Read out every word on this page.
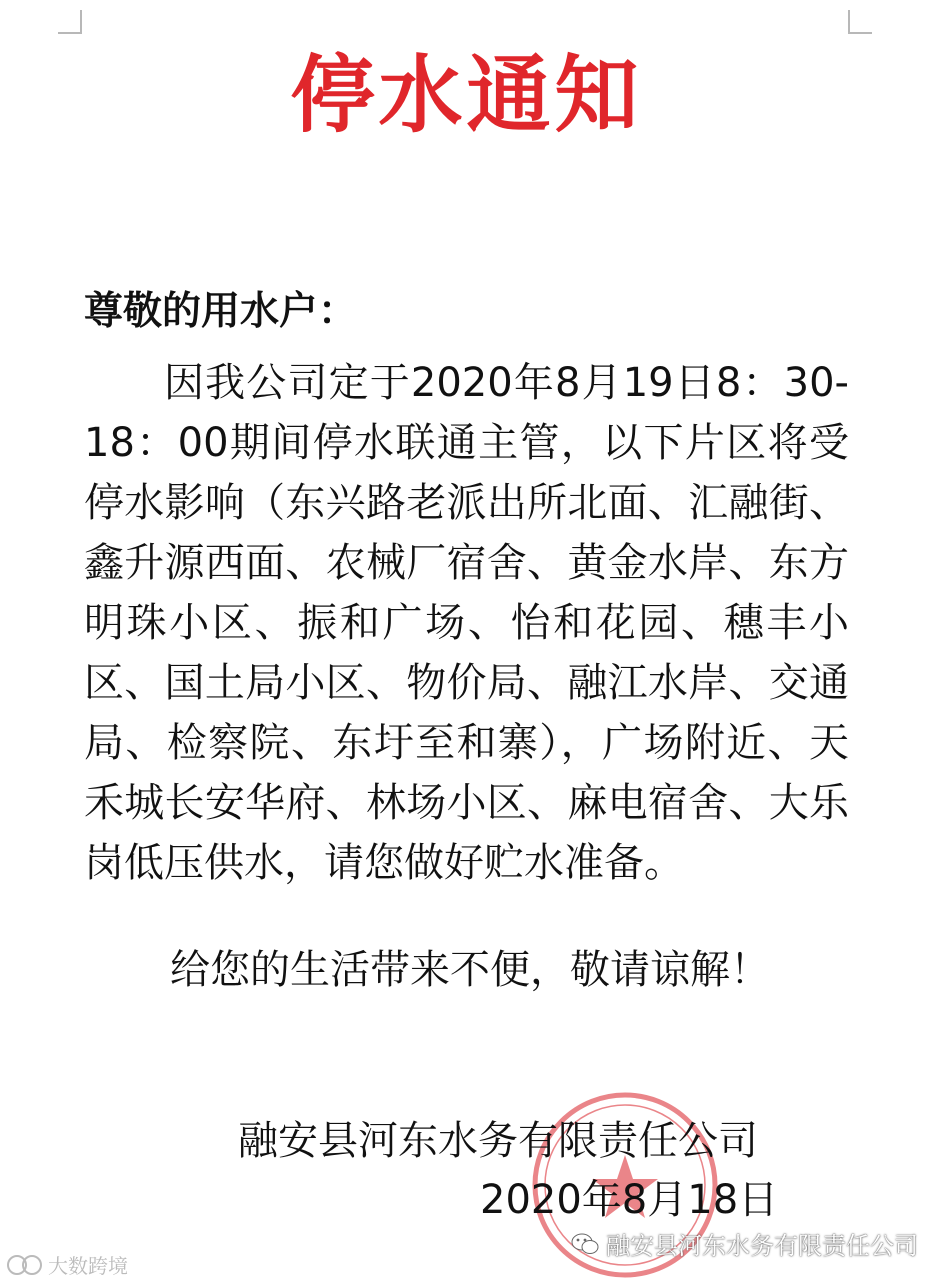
停水通知
尊敬的用水户：
因我公司定于2020年8月19日8：30-18：00期间停水联通主管，以下片区将受停水影响（东兴路老派出所北面、汇融街、鑫升源西面、农械厂宿舍、黄金水岸、东方明珠小区、振和广场、怡和花园、穗丰小区、国土局小区、物价局、融江水岸、交通局、检察院、东圩至和寨），广场附近、天禾城长安华府、林场小区、麻电宿舍、大乐岗低压供水，请您做好贮水准备。
给您的生活带来不便，敬请谅解！
融安县河东水务有限责任公司
2020年8月18日
大数跨境
融安县河东水务有限责任公司
